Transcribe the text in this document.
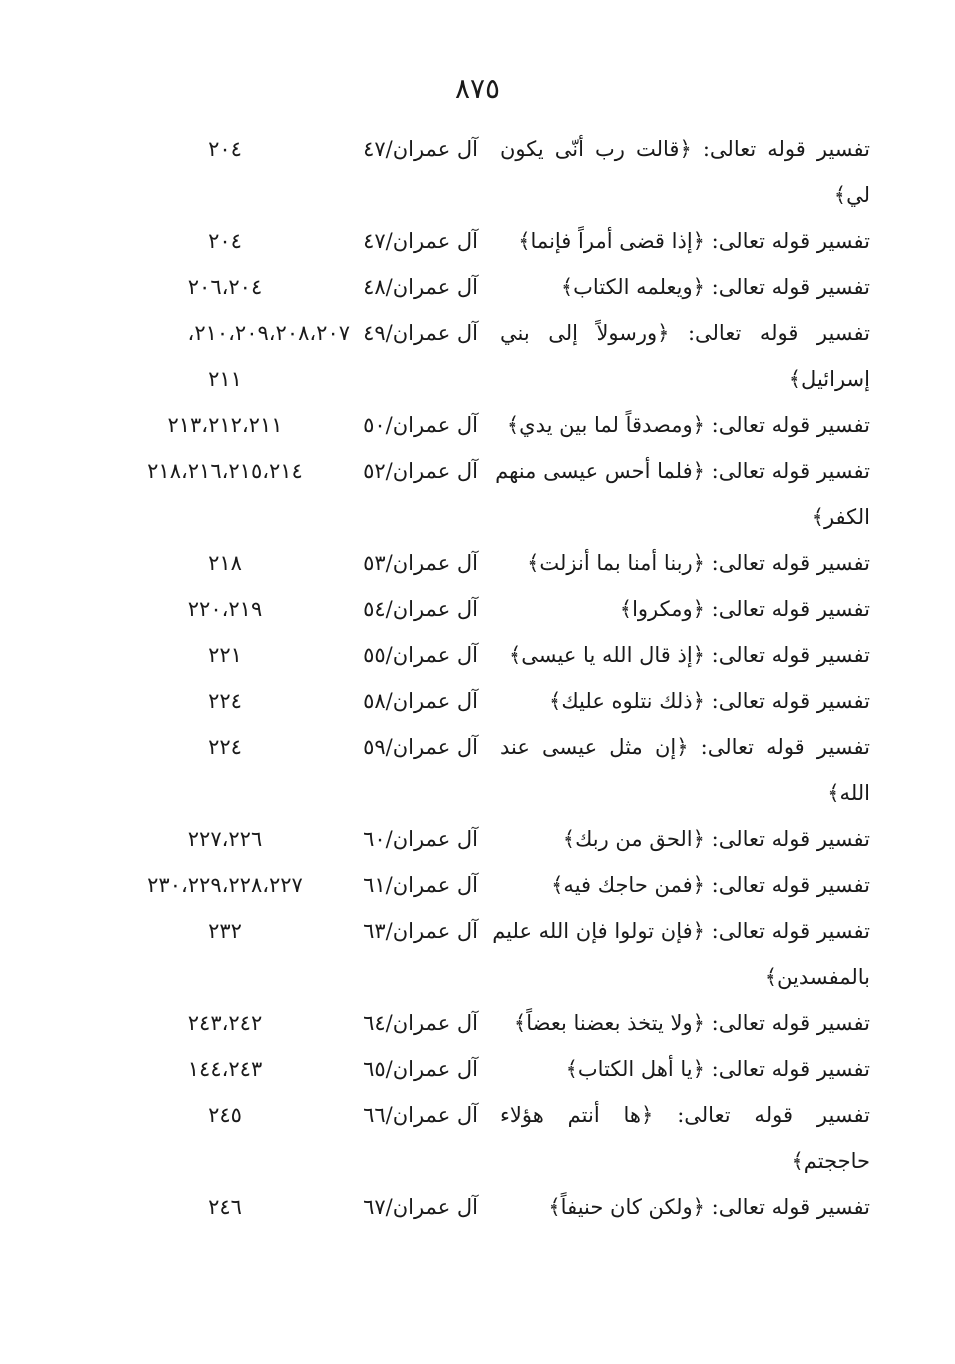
٨٧٥
تفسير قوله تعالى: ﴿قالت رب أنّى يكون
آل عمران/٤٧
٢٠٤
لي﴾
تفسير قوله تعالى: ﴿إذا قضى أمراً فإنما﴾
آل عمران/٤٧
٢٠٤
تفسير قوله تعالى: ﴿ويعلمه الكتاب﴾
آل عمران/٤٨
٢٠٦،٢٠٤
تفسير قوله تعالى: ﴿ورسولاً إلى بني
آل عمران/٤٩
٢١٠،٢٠٩،٢٠٨،٢٠٧،
إسرائيل﴾
٢١١
تفسير قوله تعالى: ﴿ومصدقاً لما بين يدي﴾
آل عمران/٥٠
٢١٣،٢١٢،٢١١
تفسير قوله تعالى: ﴿فلما أحس عيسى منهم
آل عمران/٥٢
٢١٨،٢١٦،٢١٥،٢١٤
الكفر﴾
تفسير قوله تعالى: ﴿ربنا أمنا بما أنزلت﴾
آل عمران/٥٣
٢١٨
تفسير قوله تعالى: ﴿ومكروا﴾
آل عمران/٥٤
٢٢٠،٢١٩
تفسير قوله تعالى: ﴿إذ قال الله يا عيسى﴾
آل عمران/٥٥
٢٢١
تفسير قوله تعالى: ﴿ذلك نتلوه عليك﴾
آل عمران/٥٨
٢٢٤
تفسير قوله تعالى: ﴿إن مثل عيسى عند
آل عمران/٥٩
٢٢٤
الله﴾
تفسير قوله تعالى: ﴿الحق من ربك﴾
آل عمران/٦٠
٢٢٧،٢٢٦
تفسير قوله تعالى: ﴿فمن حاجك فيه﴾
آل عمران/٦١
٢٣٠،٢٢٩،٢٢٨،٢٢٧
تفسير قوله تعالى: ﴿فإن تولوا فإن الله عليم
آل عمران/٦٣
٢٣٢
بالمفسدين﴾
تفسير قوله تعالى: ﴿ولا يتخذ بعضنا بعضاً﴾
آل عمران/٦٤
٢٤٣،٢٤٢
تفسير قوله تعالى: ﴿يا أهل الكتاب﴾
آل عمران/٦٥
١٤٤،٢٤٣
تفسير قوله تعالى: ﴿ها أنتم هؤلاء
آل عمران/٦٦
٢٤٥
حاججتم﴾
تفسير قوله تعالى: ﴿ولكن كان حنيفاً﴾
آل عمران/٦٧
٢٤٦
